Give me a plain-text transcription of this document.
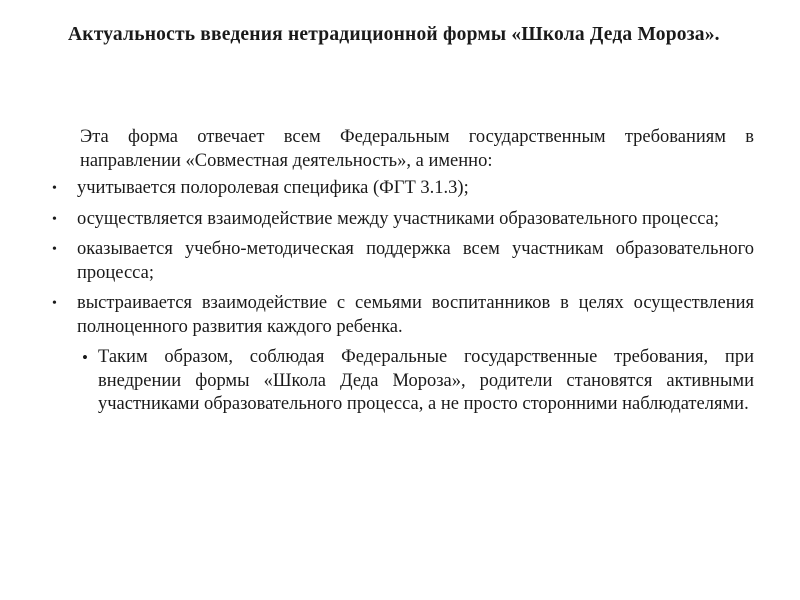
Актуальность введения нетрадиционной формы «Школа Деда Мороза».

Эта форма отвечает всем Федеральным государственным требованиям в направлении «Совместная деятельность», а именно:

• учитывается полоролевая специфика (ФГТ 3.1.3);
• осуществляется взаимодействие между участниками образовательного процесса;
• оказывается учебно-методическая поддержка всем участникам образовательного процесса;
• выстраивается взаимодействие с семьями воспитанников в целях осуществления полноценного развития каждого ребенка.
• Таким образом, соблюдая Федеральные государственные требования, при внедрении формы «Школа Деда Мороза», родители становятся активными участниками образовательного процесса, а не просто сторонними наблюдателями.
